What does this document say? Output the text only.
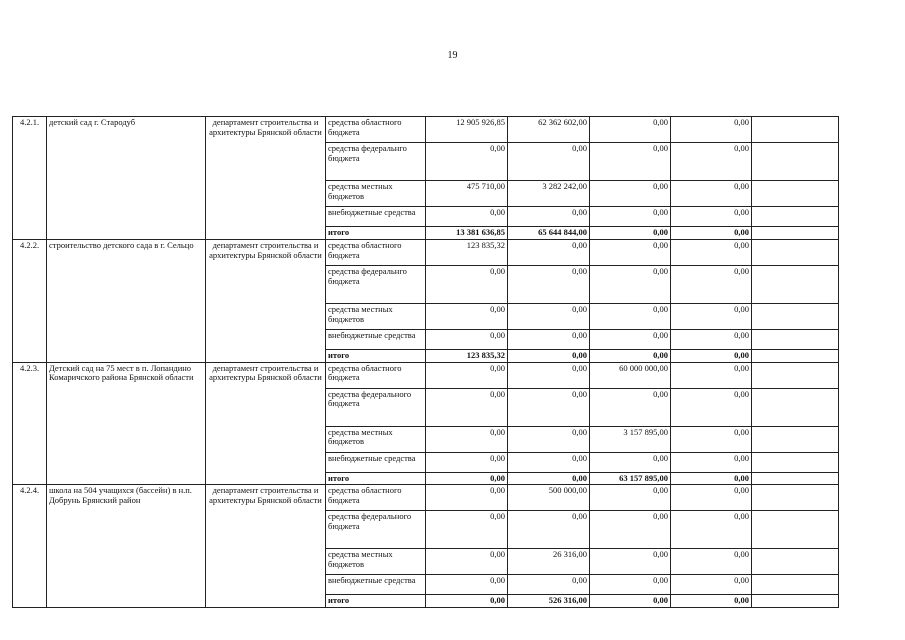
19
4.2.1.	детский сад г. Стародуб	департамент строительства и архитектуры Брянской области	средства областного бюджета	12 905 926,85	62 362 602,00	0,00	0,00	
			средства федеральнго бюджета	0,00	0,00	0,00	0,00	
			средства местных бюджетов	475 710,00	3 282 242,00	0,00	0,00	
			внебюджетные средства	0,00	0,00	0,00	0,00	
			итого	13 381 636,85	65 644 844,00	0,00	0,00	
4.2.2.	строительство детского сада в г. Сельцо	департамент строительства и архитектуры Брянской области	средства областного бюджета	123 835,32	0,00	0,00	0,00	
			средства федеральнго бюджета	0,00	0,00	0,00	0,00	
			средства местных бюджетов	0,00	0,00	0,00	0,00	
			внебюджетные средства	0,00	0,00	0,00	0,00	
			итого	123 835,32	0,00	0,00	0,00	
4.2.3.	Детский сад на 75 мест в п. Лопандино Комаричского района Брянской области	департамент строительства и архитектуры Брянской области	средства областного бюджета	0,00	0,00	60 000 000,00	0,00	
			средства федерального бюджета	0,00	0,00	0,00	0,00	
			средства местных бюджетов	0,00	0,00	3 157 895,00	0,00	
			внебюджетные средства	0,00	0,00	0,00	0,00	
			итого	0,00	0,00	63 157 895,00	0,00	
4.2.4.	школа на 504 учащихся (бассейн) в н.п. Добрунь Брянский район	департамент строительства и архитектуры Брянской области	средства областного бюджета	0,00	500 000,00	0,00	0,00	
			средства федерального бюджета	0,00	0,00	0,00	0,00	
			средства местных бюджетов	0,00	26 316,00	0,00	0,00	
			внебюджетные средства	0,00	0,00	0,00	0,00	
			итого	0,00	526 316,00	0,00	0,00	
